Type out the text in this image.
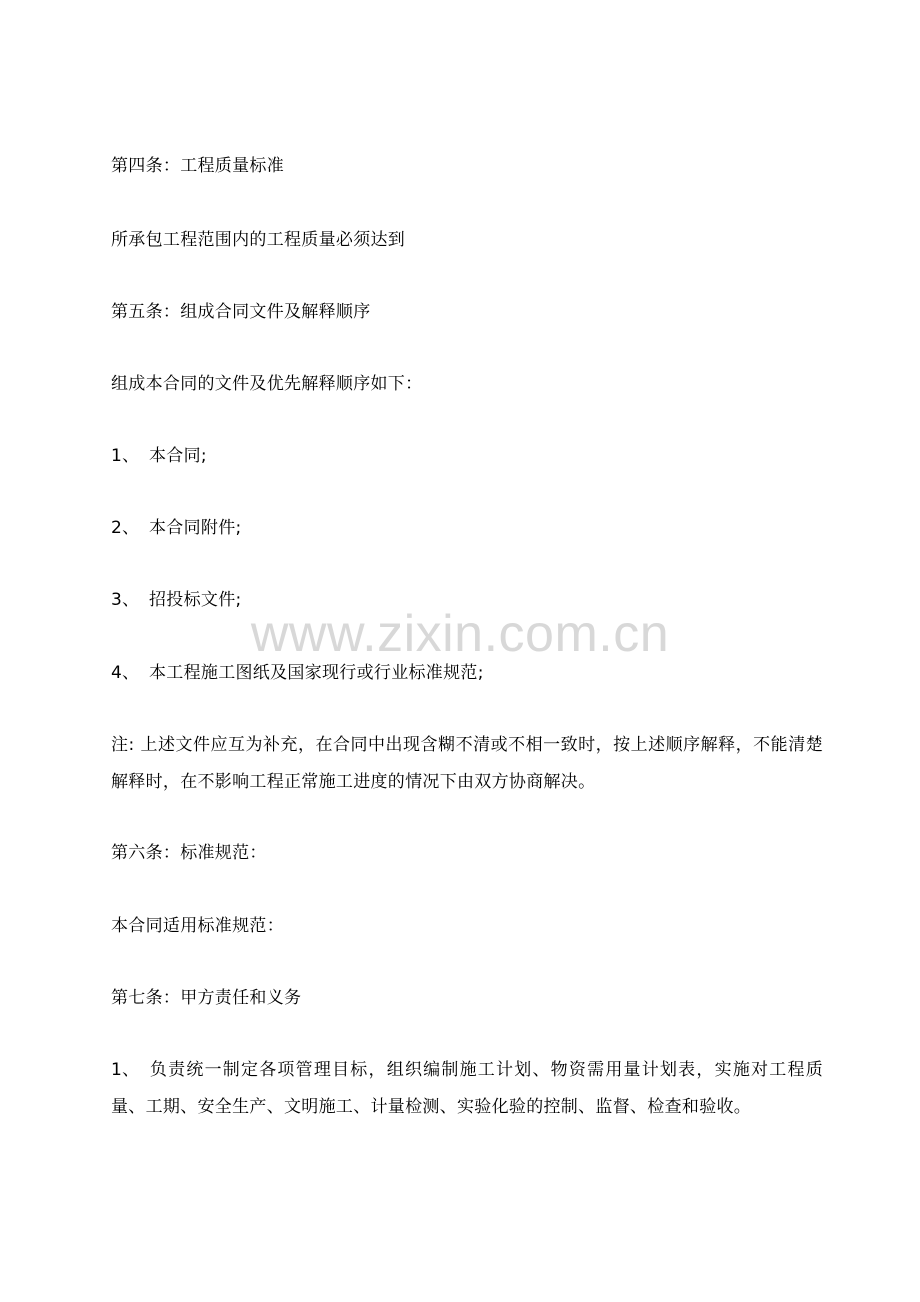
第四条：工程质量标准
所承包工程范围内的工程质量必须达到
第五条：组成合同文件及解释顺序
组成本合同的文件及优先解释顺序如下：
1、 本合同;
2、 本合同附件;
3、 招投标文件;
4、 本工程施工图纸及国家现行或行业标准规范;
注: 上述文件应互为补充，在合同中出现含糊不清或不相一致时，按上述顺序解释，不能清楚解释时，在不影响工程正常施工进度的情况下由双方协商解决。
第六条：标准规范：
本合同适用标准规范：
第七条：甲方责任和义务
1、 负责统一制定各项管理目标，组织编制施工计划、物资需用量计划表，实施对工程质量、工期、安全生产、文明施工、计量检测、实验化验的控制、监督、检查和验收。
www.zixin.com.cn
